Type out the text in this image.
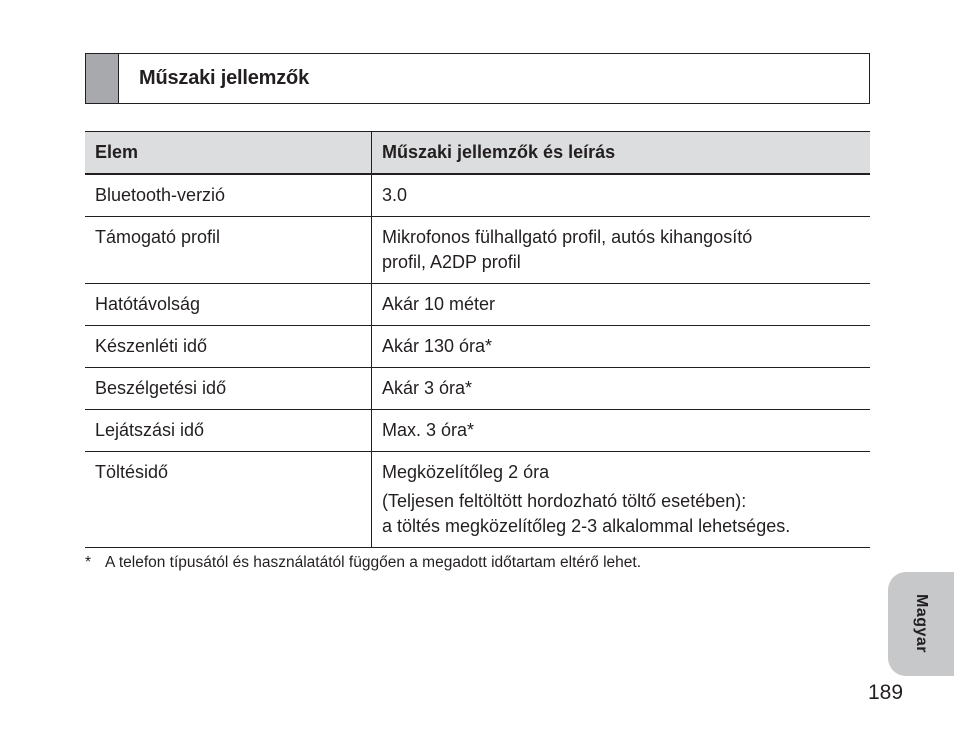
Műszaki jellemzők
Elem	Műszaki jellemzők és leírás
Bluetooth-verzió	3.0

Támogató profil	Mikrofonos fülhallgató profil, autós kihangosító
profil, A2DP profil

Hatótávolság	Akár 10 méter

Készenléti idő	Akár 130 óra*

Beszélgetési idő	Akár 3 óra*

Lejátszási idő	Max. 3 óra*

Töltésidő	Megközelítőleg 2 óra
(Teljesen feltöltött hordozható töltő esetében):
a töltés megközelítőleg 2-3 alkalommal lehetséges.
* A telefon típusától és használatától függően a megadott időtartam eltérő lehet.
Magyar
189
